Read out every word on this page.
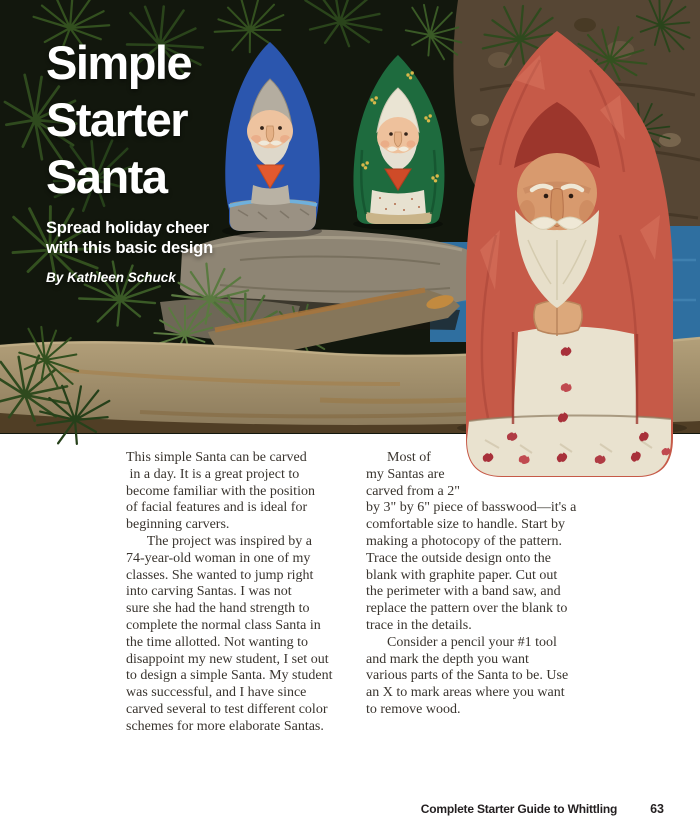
Simple
Starter
Santa
Spread holiday cheer
with this basic design
By Kathleen Schuck
This simple Santa can be carved
in a day. It is a great project to
become familiar with the position
of facial features and is ideal for
beginning carvers.
The project was inspired by a
74-year-old woman in one of my
classes. She wanted to jump right
into carving Santas. I was not
sure she had the hand strength to
complete the normal class Santa in
the time allotted. Not wanting to
disappoint my new student, I set out
to design a simple Santa. My student
was successful, and I have since
carved several to test different color
schemes for more elaborate Santas.
Most of
my Santas are
carved from a 2"
by 3" by 6" piece of basswood—it's a
comfortable size to handle. Start by
making a photocopy of the pattern.
Trace the outside design onto the
blank with graphite paper. Cut out
the perimeter with a band saw, and
replace the pattern over the blank to
trace in the details.
Consider a pencil your #1 tool
and mark the depth you want
various parts of the Santa to be. Use
an X to mark areas where you want
to remove wood.
Complete Starter Guide to Whittling	63
